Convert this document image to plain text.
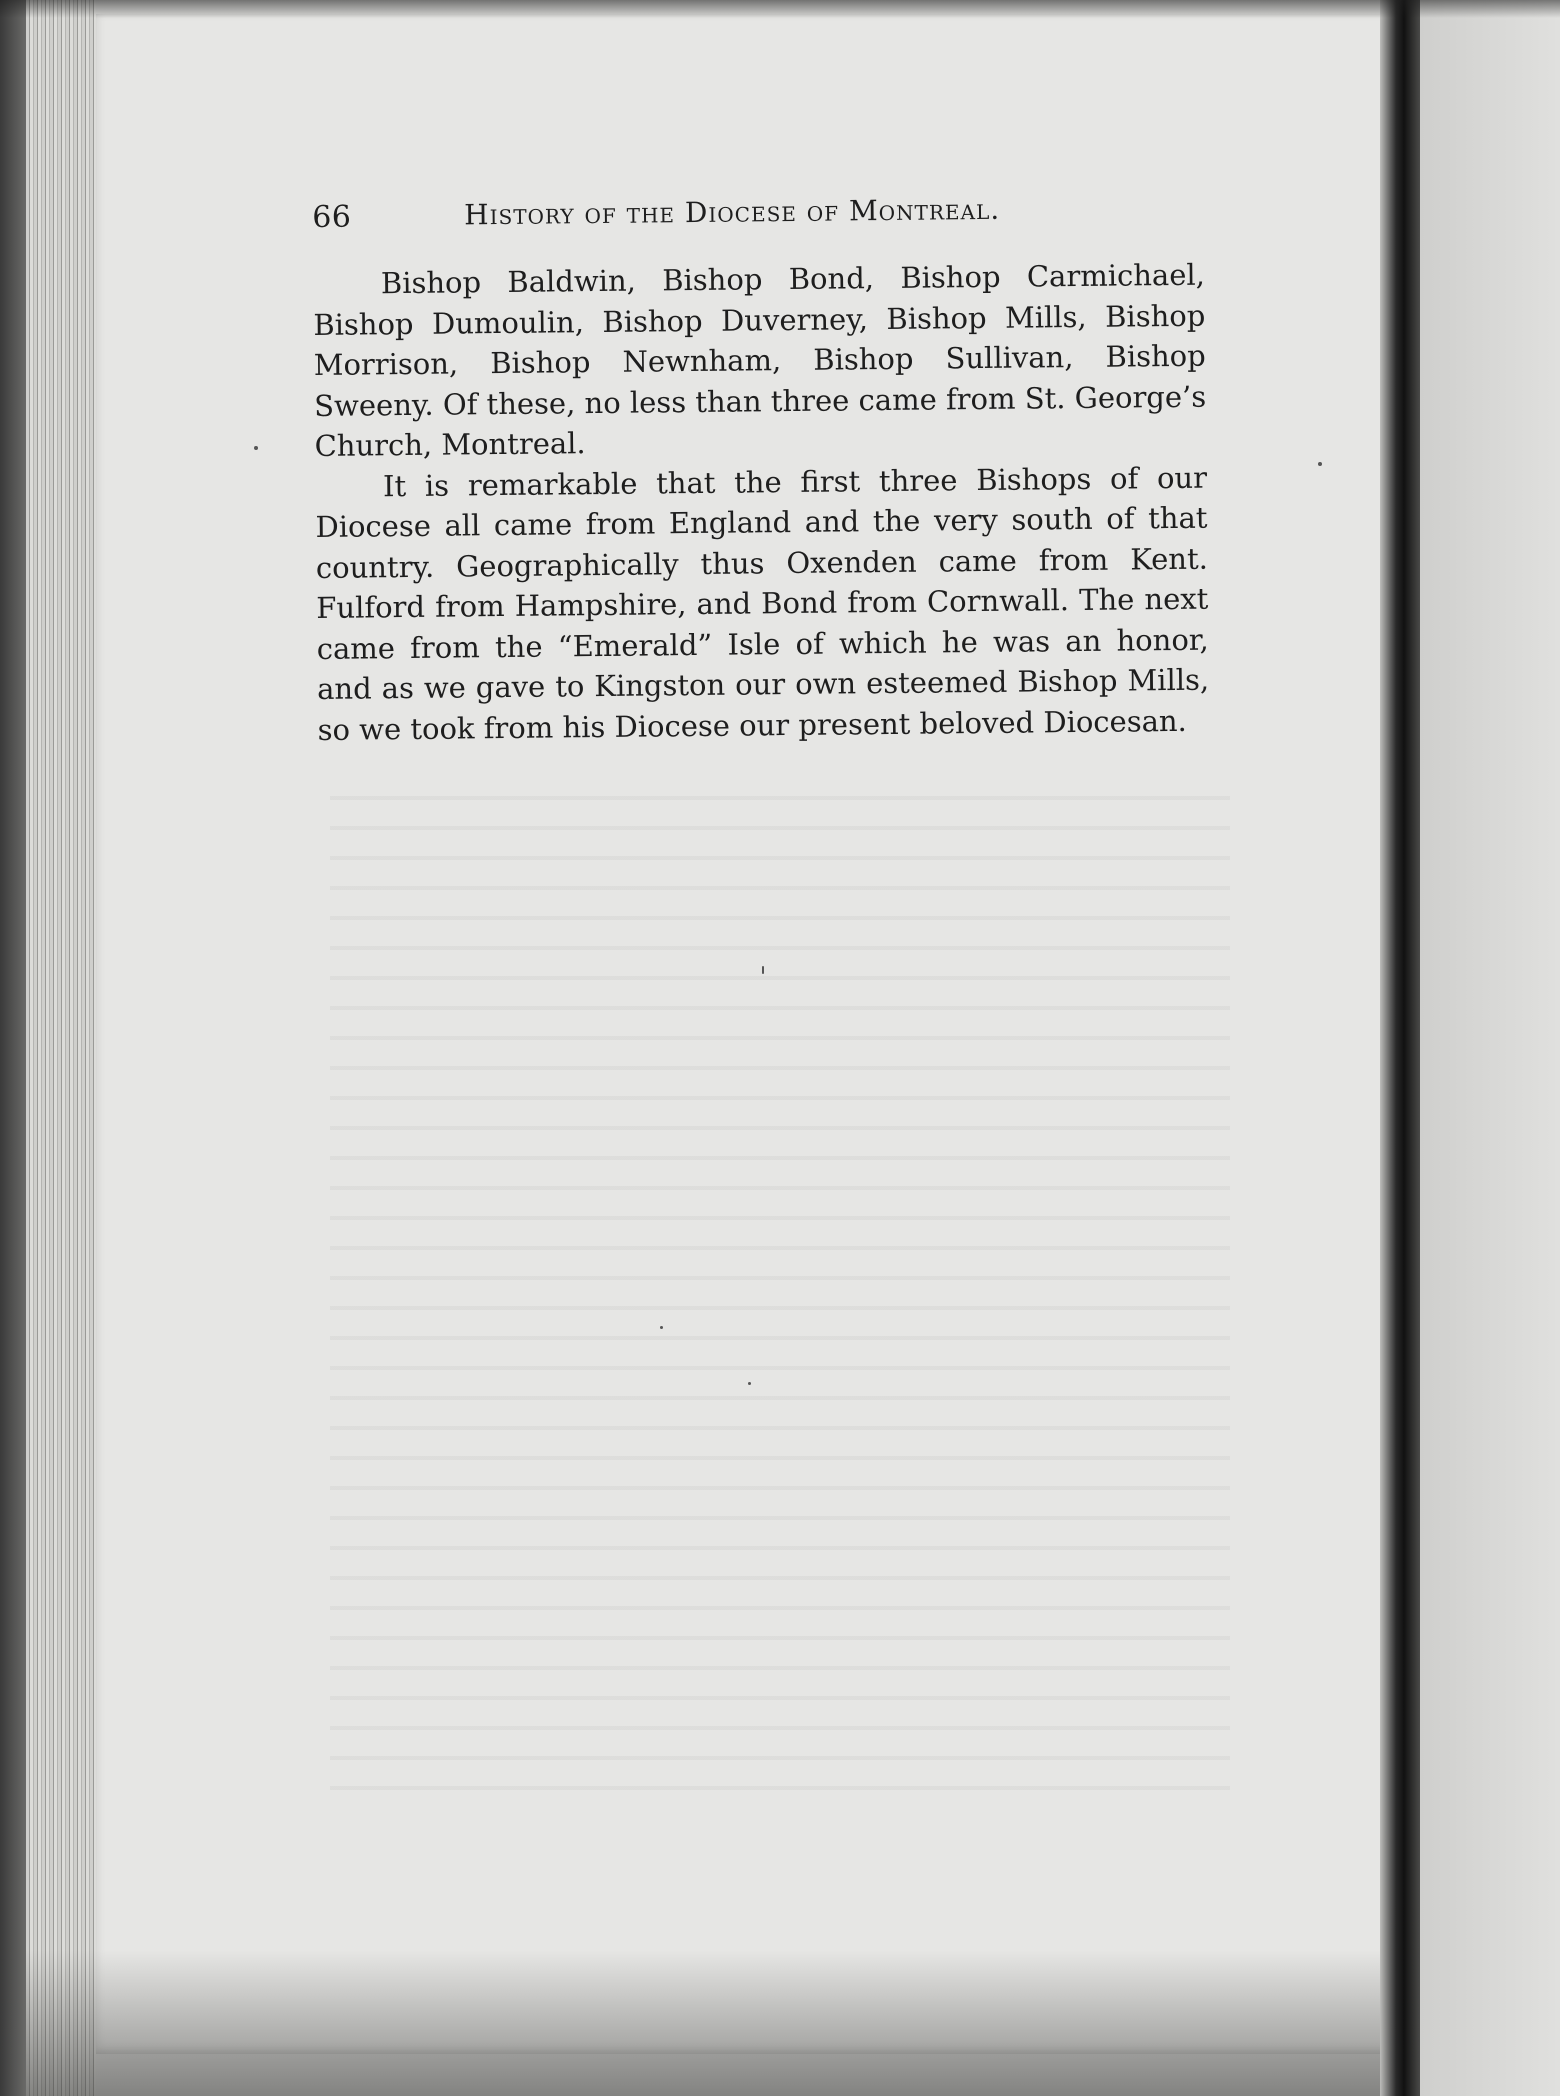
66	History of the Diocese of Montreal.

Bishop Baldwin, Bishop Bond, Bishop Carmichael, Bishop Dumoulin, Bishop Duverney, Bishop Mills, Bishop Morrison, Bishop Newnham, Bishop Sullivan, Bishop Sweeny. Of these, no less than three came from St. George’s Church, Montreal.

It is remarkable that the first three Bishops of our Diocese all came from England and the very south of that country. Geographically thus Oxenden came from Kent. Fulford from Hampshire, and Bond from Cornwall. The next came from the “Emerald” Isle of which he was an honor, and as we gave to Kingston our own esteemed Bishop Mills, so we took from his Diocese our present beloved Diocesan.
